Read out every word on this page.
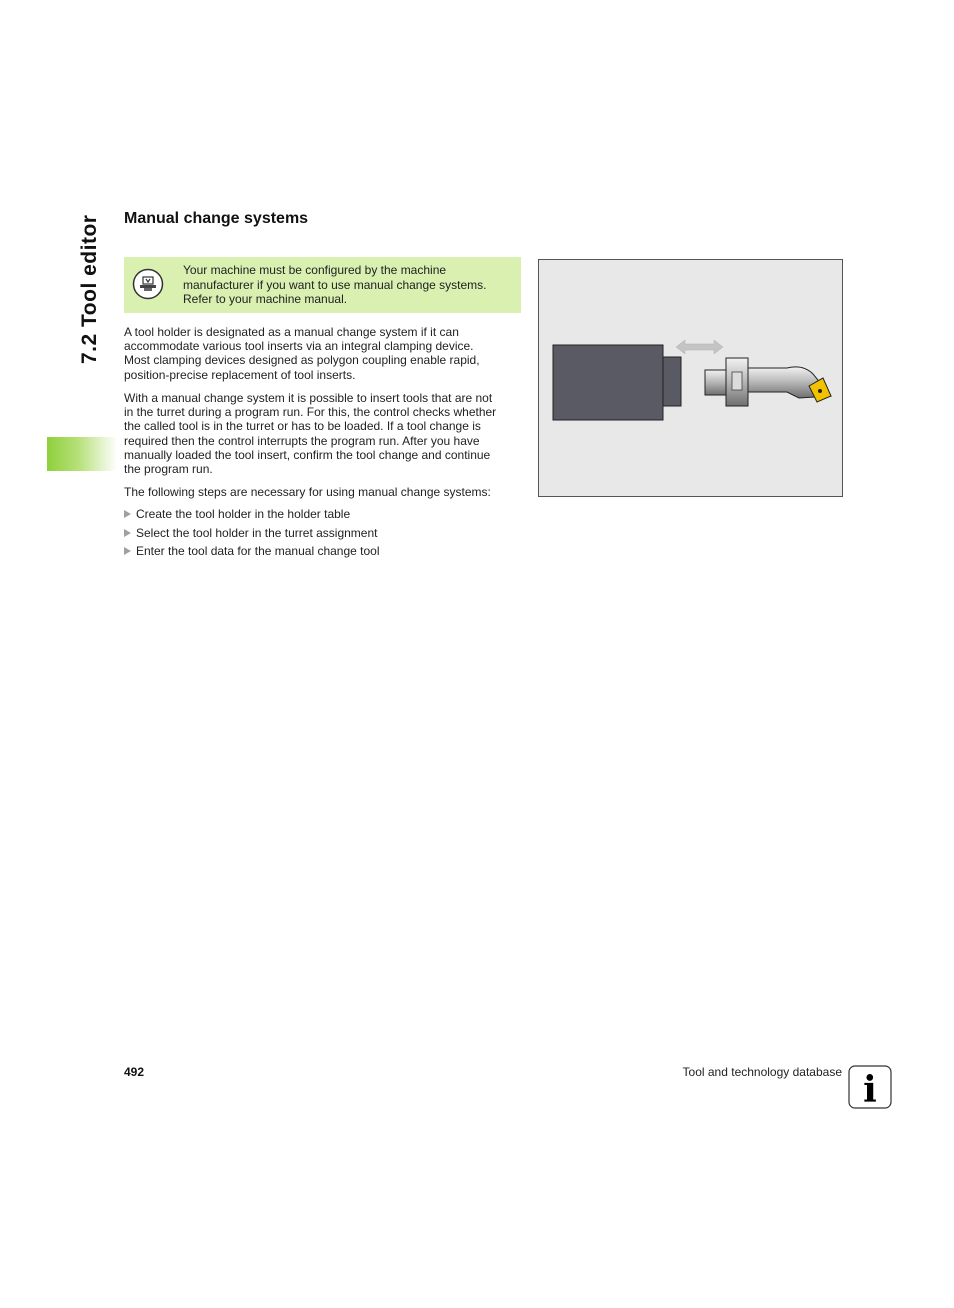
7.2 Tool editor Manual change systems
Your machine must be configured by the machine
manufacturer if you want to use manual change systems.
Refer to your machine manual.
A tool holder is designated as a manual change system if it can
accommodate various tool inserts via an integral clamping device.
Most clamping devices designed as polygon coupling enable rapid,
position-precise replacement of tool inserts.
With a manual change system it is possible to insert tools that are not
in the turret during a program run. For this, the control checks whether
the called tool is in the turret or has to be loaded. If a tool change is
required then the control interrupts the program run. After you have
manually loaded the tool insert, confirm the tool change and continue
the program run.
The following steps are necessary for using manual change systems:
Create the tool holder in the holder table
Select the tool holder in the turret assignment
Enter the tool data for the manual change tool
492	Tool and technology database i
